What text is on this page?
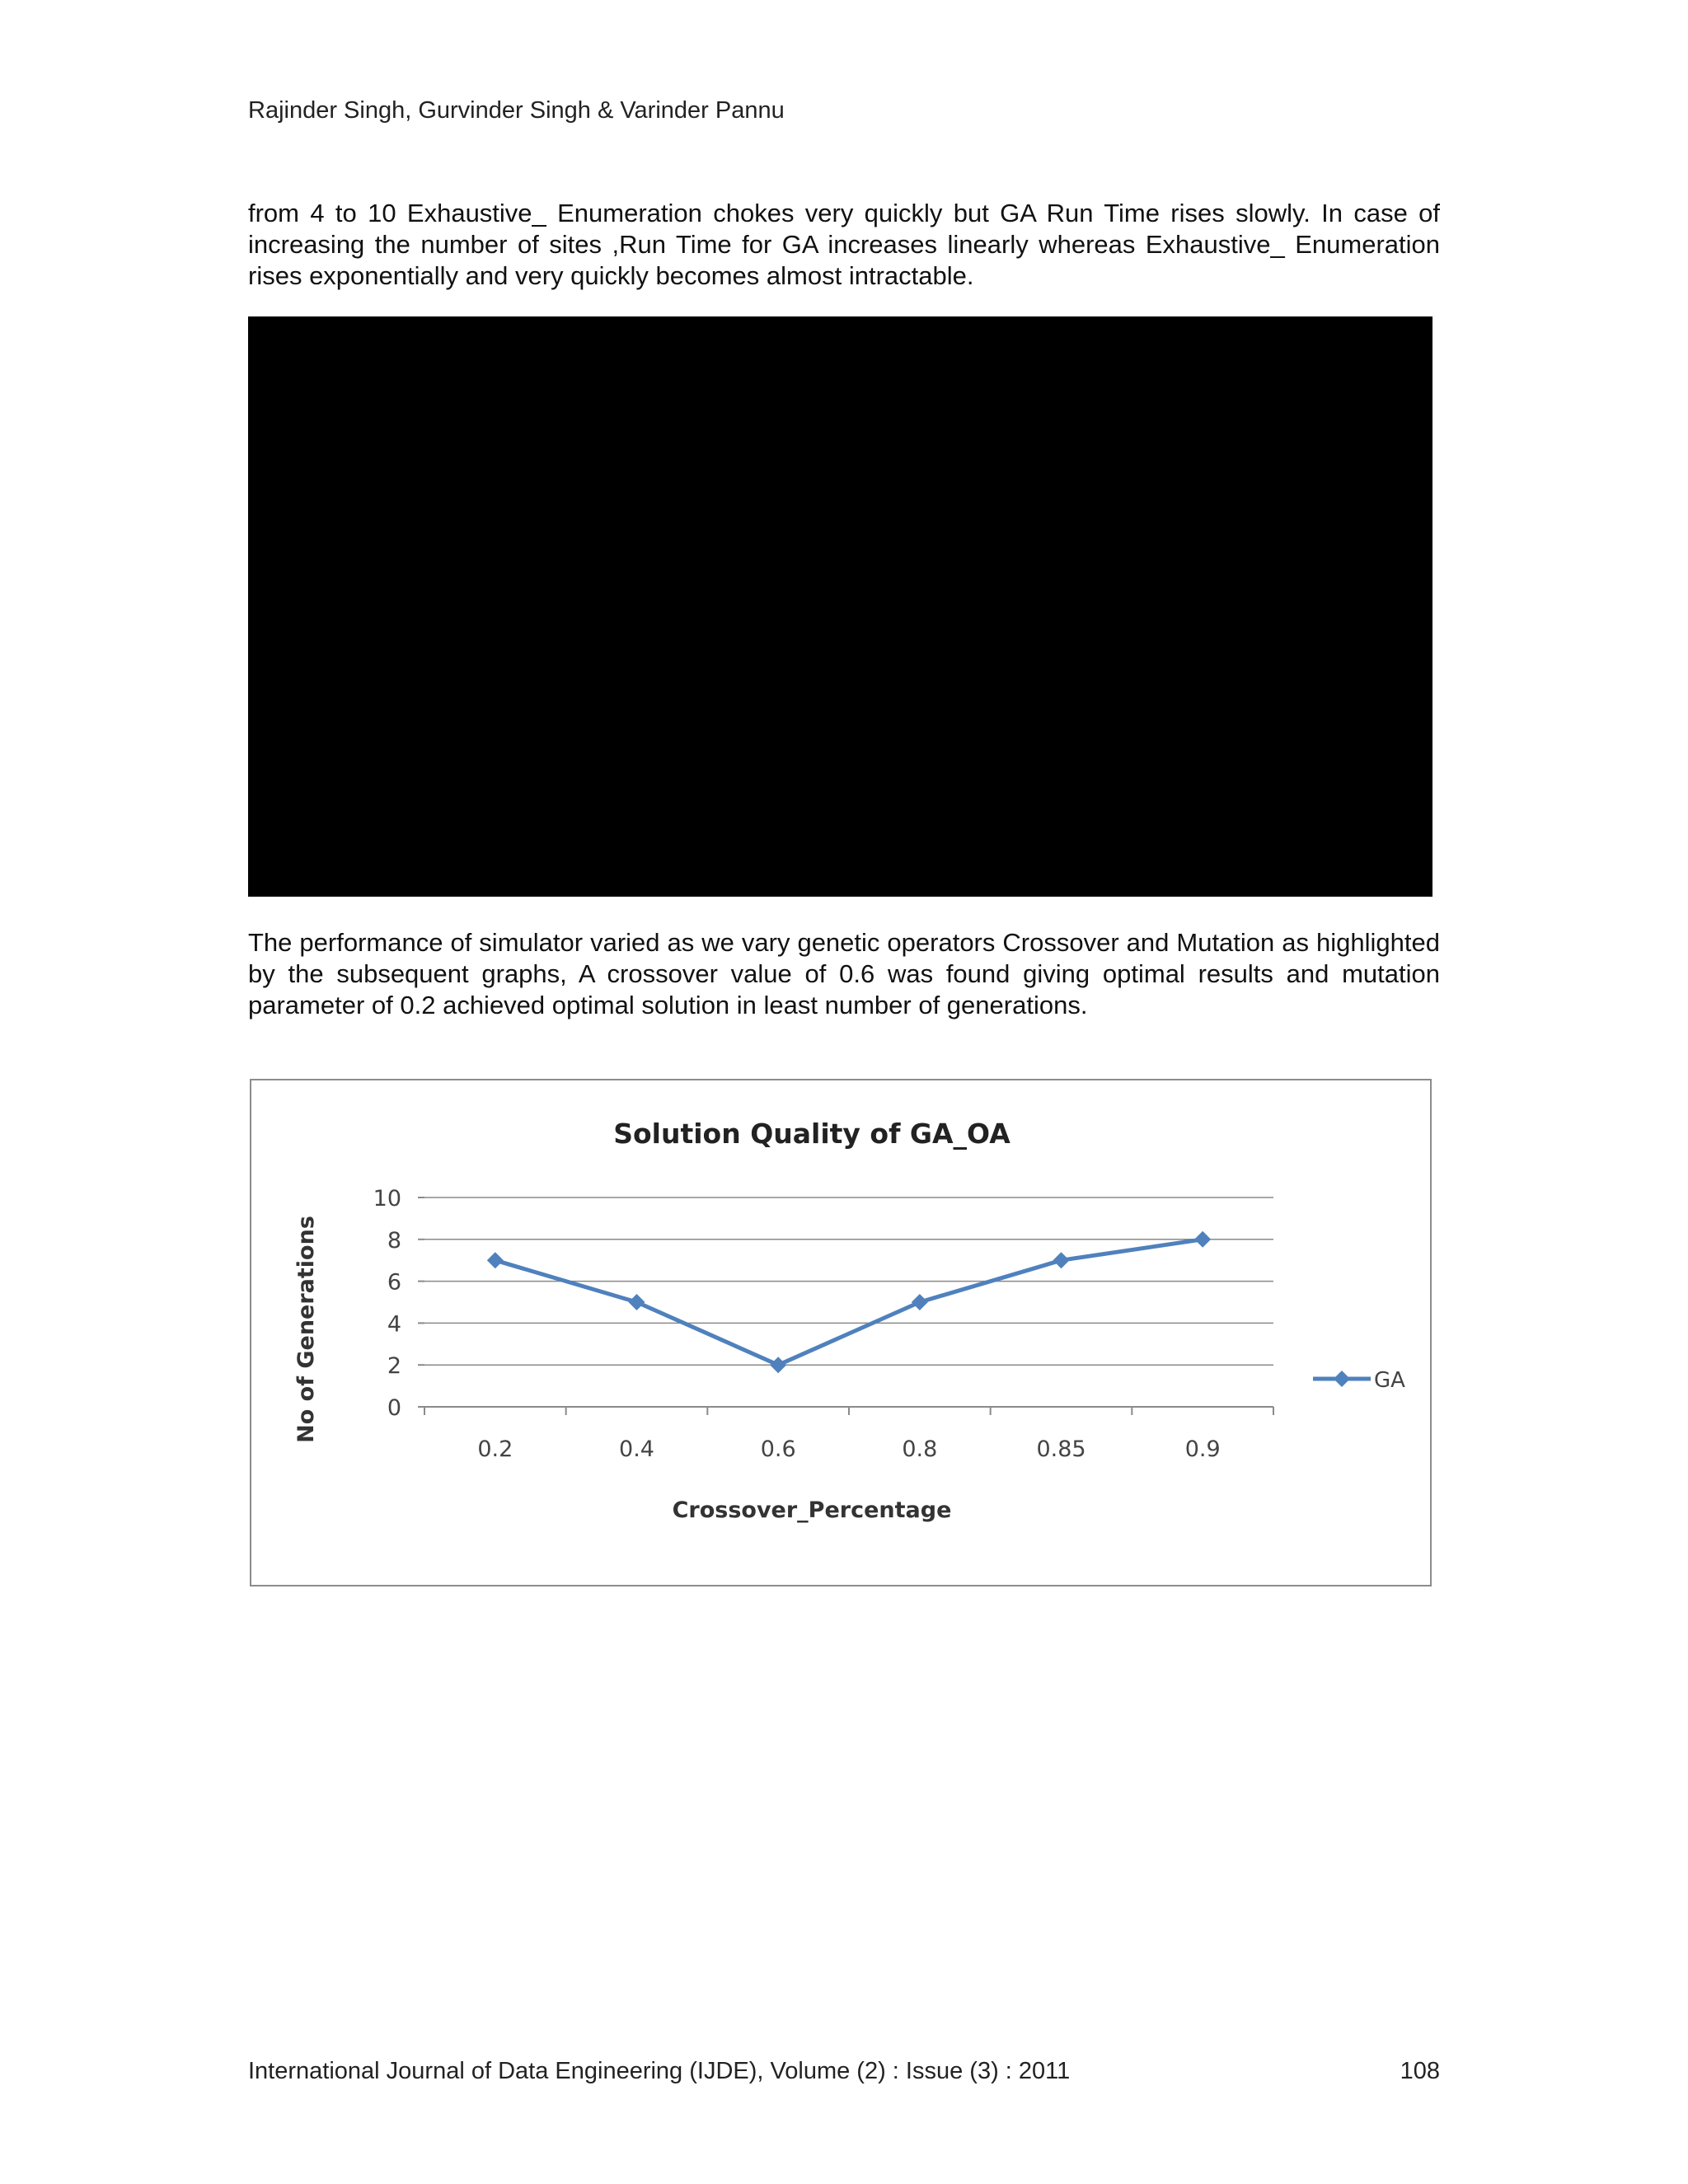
Rajinder Singh, Gurvinder Singh & Varinder Pannu

from 4 to 10 Exhaustive_ Enumeration chokes very quickly but GA Run Time rises slowly. In case of increasing the number of sites ,Run Time for GA increases linearly whereas Exhaustive_ Enumeration rises exponentially and very quickly becomes almost intractable.

The performance of simulator varied as we vary genetic operators Crossover and Mutation as highlighted by the subsequent graphs, A crossover value of 0.6 was found giving optimal results and mutation parameter of 0.2 achieved optimal solution in least number of generations.

Solution Quality of GA_OA
0
2
4
6
8
10
0.2	0.4	0.6	0.8	0.85	0.9
Crossover_Percentage
No of Generations	GA
International Journal of Data Engineering (IJDE), Volume (2) : Issue (3) : 2011	108
